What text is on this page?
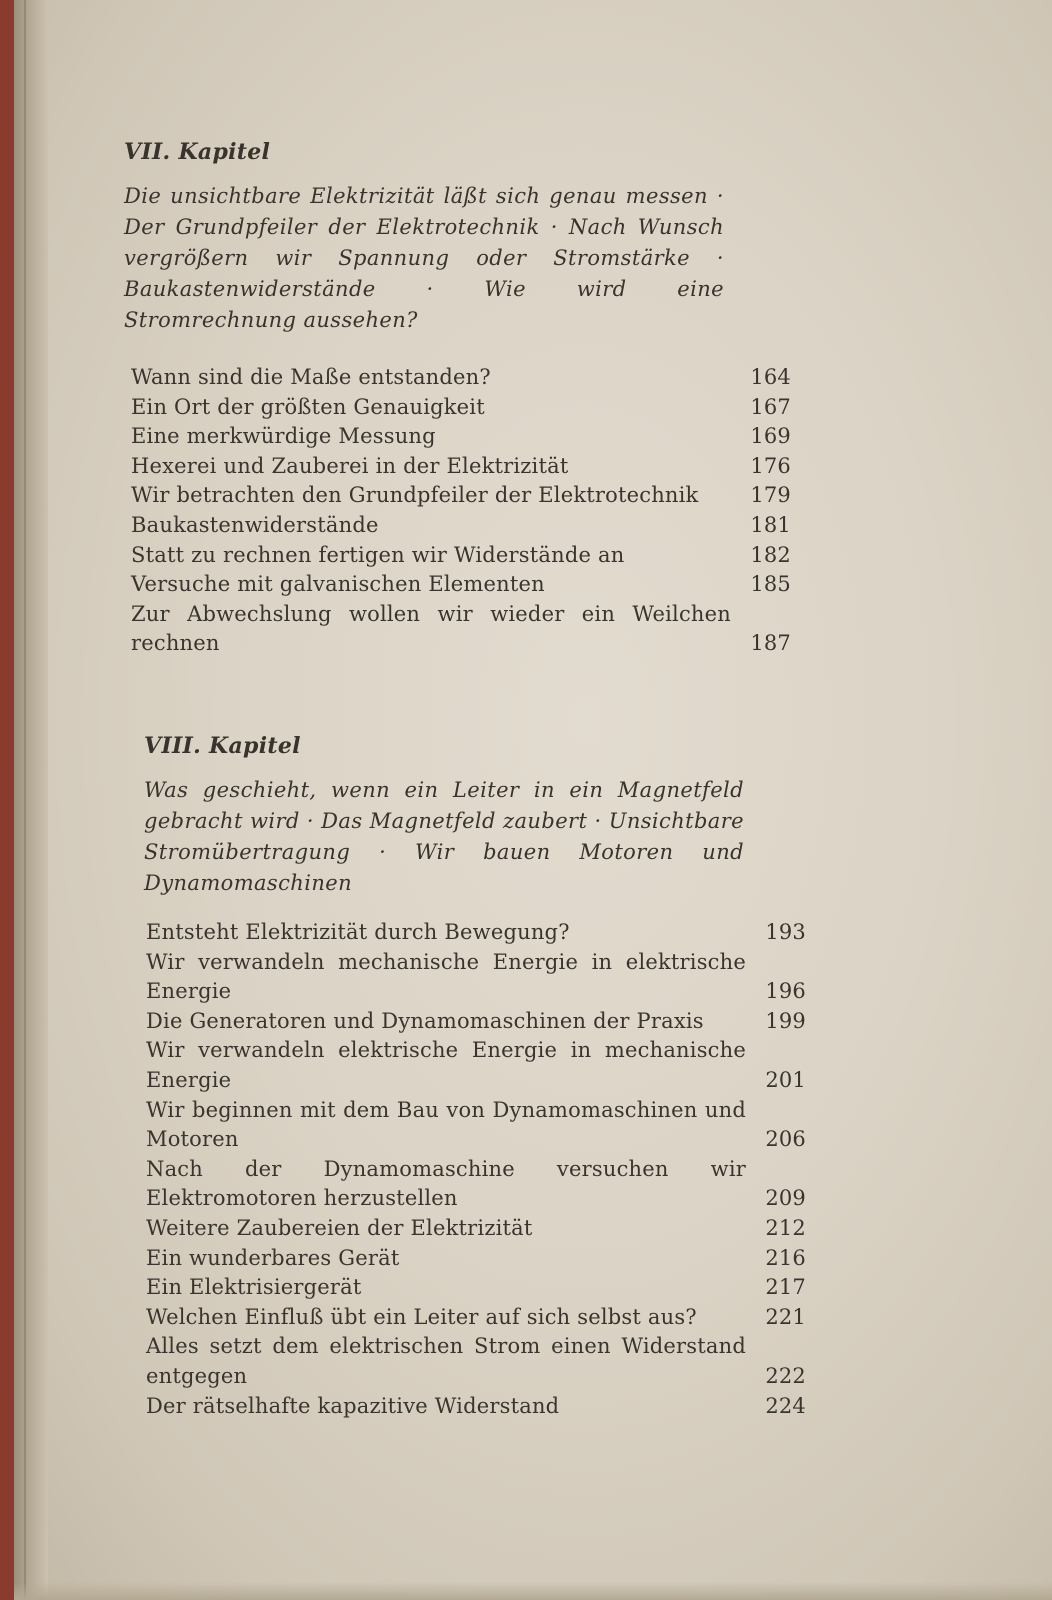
VII. Kapitel

Die unsichtbare Elektrizität läßt sich genau messen · Der Grundpfeiler der Elektrotechnik · Nach Wunsch vergrößern wir Spannung oder Stromstärke · Baukastenwiderstände · Wie wird eine Stromrechnung aussehen?

Wann sind die Maße entstanden?	164
Ein Ort der größten Genauigkeit	167
Eine merkwürdige Messung	169
Hexerei und Zauberei in der Elektrizität	176
Wir betrachten den Grundpfeiler der Elektrotechnik	179
Baukastenwiderstände	181
Statt zu rechnen fertigen wir Widerstände an	182
Versuche mit galvanischen Elementen	185
Zur Abwechslung wollen wir wieder ein Weilchen rechnen	187
VIII. Kapitel

Was geschieht, wenn ein Leiter in ein Magnetfeld gebracht wird · Das Magnetfeld zaubert · Unsichtbare Stromübertragung · Wir bauen Motoren und Dynamomaschinen

Entsteht Elektrizität durch Bewegung?	193
Wir verwandeln mechanische Energie in elektrische Energie	196
Die Generatoren und Dynamomaschinen der Praxis	199
Wir verwandeln elektrische Energie in mechanische Energie	201
Wir beginnen mit dem Bau von Dynamomaschinen und Motoren	206
Nach der Dynamomaschine versuchen wir Elektromotoren herzustellen	209
Weitere Zaubereien der Elektrizität	212
Ein wunderbares Gerät	216
Ein Elektrisiergerät	217
Welchen Einfluß übt ein Leiter auf sich selbst aus?	221
Alles setzt dem elektrischen Strom einen Widerstand entgegen	222
Der rätselhafte kapazitive Widerstand	224
